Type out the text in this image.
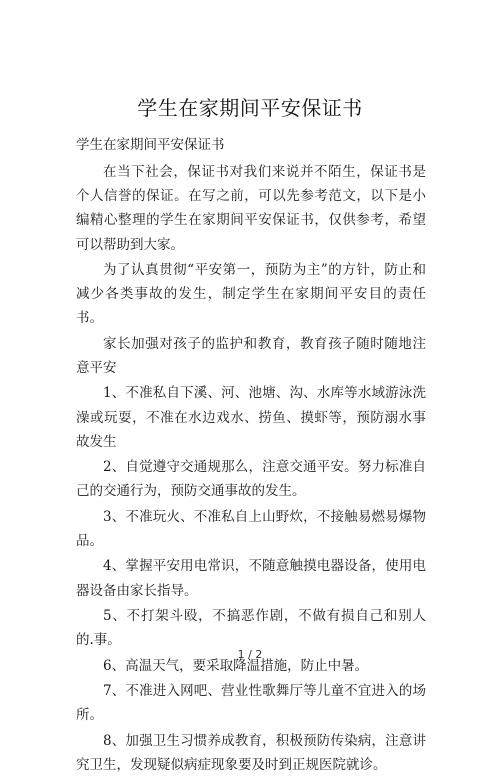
学生在家期间平安保证书
学生在家期间平安保证书

在当下社会，保证书对我们来说并不陌生，保证书是个人信誉的保证。在写之前，可以先参考范文，以下是小编精心整理的学生在家期间平安保证书，仅供参考，希望可以帮助到大家。

为了认真贯彻“平安第一，预防为主”的方针，防止和减少各类事故的发生，制定学生在家期间平安目的责任书。

家长加强对孩子的监护和教育，教育孩子随时随地注意平安

1、不准私自下溪、河、池塘、沟、水库等水域游泳洗澡或玩耍，不准在水边戏水、捞鱼、摸虾等，预防溺水事故发生

2、自觉遵守交通规那么，注意交通平安。努力标准自己的交通行为，预防交通事故的发生。

3、不准玩火、不准私自上山野炊，不接触易燃易爆物品。

4、掌握平安用电常识，不随意触摸电器设备，使用电器设备由家长指导。

5、不打架斗殴，不搞恶作剧，不做有损自己和别人的.事。

6、高温天气，要采取降温措施，防止中暑。

7、不准进入网吧、营业性歌舞厅等儿童不宜进入的场所。

8、加强卫生习惯养成教育，积极预防传染病，注意讲究卫生，发现疑似病症现象要及时到正规医院就诊。

1 / 2
